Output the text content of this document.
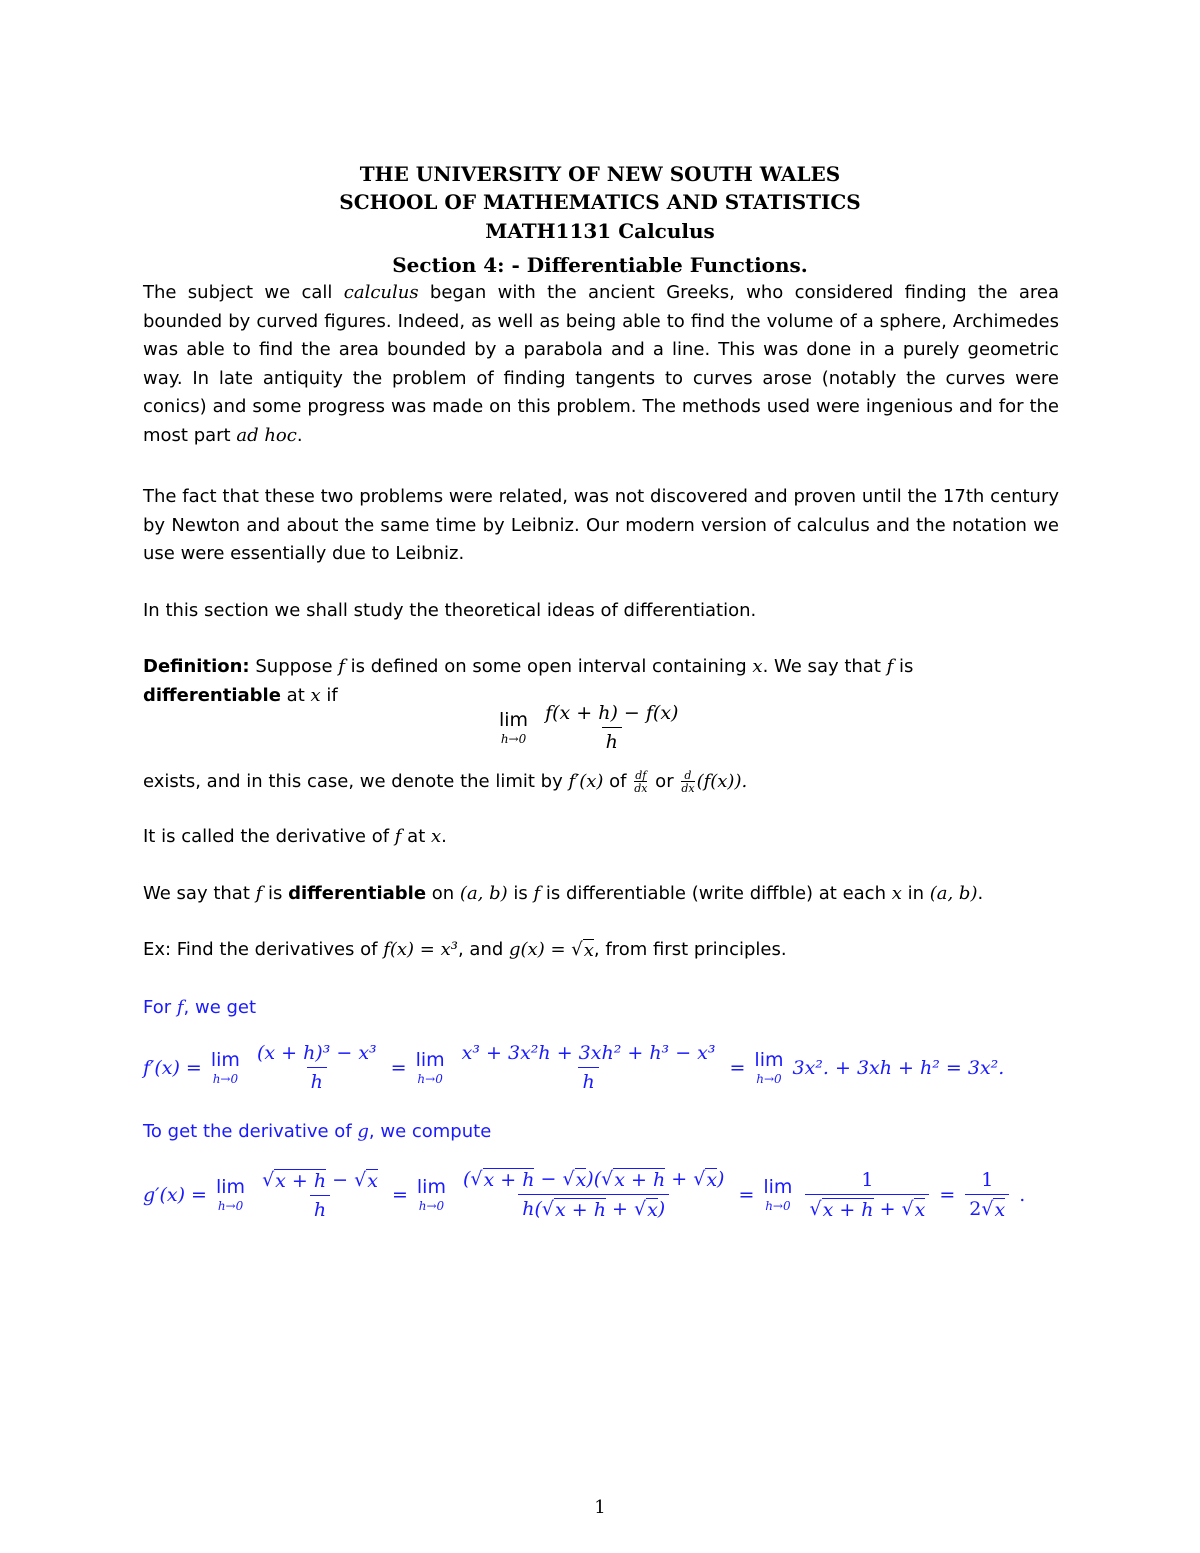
THE UNIVERSITY OF NEW SOUTH WALES
SCHOOL OF MATHEMATICS AND STATISTICS
MATH1131 Calculus
Section 4: - Differentiable Functions.
The subject we call calculus began with the ancient Greeks, who considered finding the area bounded by curved figures. Indeed, as well as being able to find the volume of a sphere, Archimedes was able to find the area bounded by a parabola and a line. This was done in a purely geometric way. In late antiquity the problem of finding tangents to curves arose (notably the curves were conics) and some progress was made on this problem. The methods used were ingenious and for the most part ad hoc.
The fact that these two problems were related, was not discovered and proven until the 17th century by Newton and about the same time by Leibniz. Our modern version of calculus and the notation we use were essentially due to Leibniz.
In this section we shall study the theoretical ideas of differentiation.
Definition: Suppose f is defined on some open interval containing x. We say that f is
differentiable at x if
lim
$h\to 0 \frac{f(x + h) - f(x)}{h}$
exists, and in this case, we denote the limit by f′(x) of $\frac{df}{dx}$ or $\frac{d}{dx} (f(x))$.
It is called the derivative of f at x.
We say that f is differentiable on (a, b) is f is differentiable (write diffble) at each x in (a, b).
Ex: Find the derivatives of f(x) = x³, and g(x) = √ x , from first principles.
For f, we get
f′(x) = lim
$h\to 0 \frac{\text{(x + h)³ − x³}}{h} = \lim$
$h\to 0 \frac{\text{x³ + 3x²h + 3xh² + h³ − x³}}{h} = \lim$
h→0 3x². + 3xh + h² = 3x².
To get the derivative of g, we compute
g′(x) = lim
$h\to 0 \frac{√ x + h - √ x}{h} = \lim$
$h\to 0 \frac{( √ x + h - √ x )( √ x + h + √ x )}{h( √ x + h + √ x )} = \lim$
$h\to 0 \frac{1}{√ x + h + √ x} = \frac{1}{2 √ x}$ .
1
